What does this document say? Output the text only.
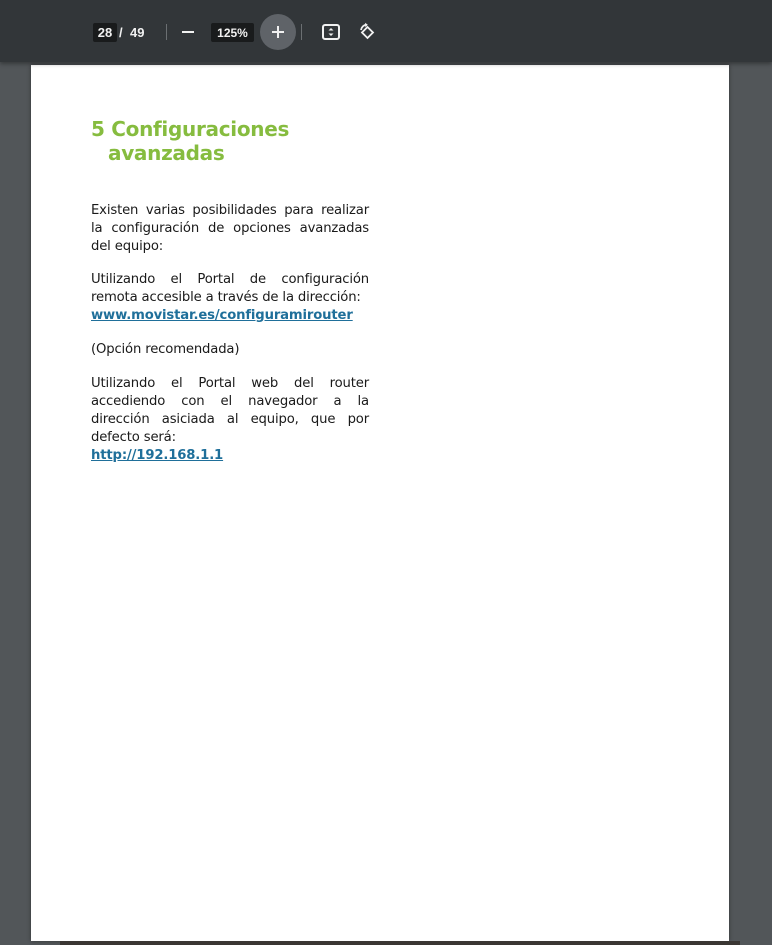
28 / 49	125%
5 Configuraciones
avanzadas
Existen varias posibilidades para realizar la configuración de opciones avanzadas del equipo:
Utilizando el Portal de configuración remota accesible a través de la dirección:
www.movistar.es/configuramirouter
(Opción recomendada)
Utilizando el Portal web del router accediendo con el navegador a la dirección asiciada al equipo, que por defecto será:
http://192.168.1.1
